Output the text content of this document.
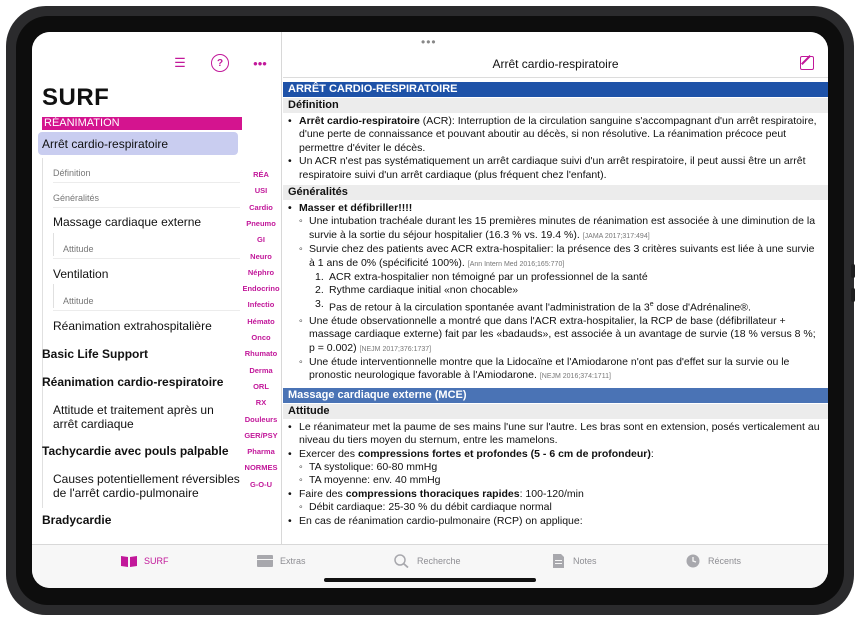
☰	?	•••
SURF
RÉANIMATION
Arrêt cardio-respiratoire
Définition
Généralités
Massage cardiaque externe
Attitude
Ventilation
Attitude
Réanimation extrahospitalière
Basic Life Support
Réanimation cardio-respiratoire
Attitude et traitement après un
arrêt cardiaque
Tachycardie avec pouls palpable
Causes potentiellement réversibles
de l'arrêt cardio-pulmonaire
Bradycardie
RÉA
USI
Cardio
Pneumo
GI
Neuro
Néphro
Endocrino
Infectio
Hémato
Onco
Rhumato
Derma
ORL
RX
Douleurs
GER/PSY
Pharma
NORMES
G-O-U
•••
Arrêt cardio-respiratoire
ARRÊT CARDIO-RESPIRATOIRE
Définition
• Arrêt cardio-respiratoire (ACR): Interruption de la circulation sanguine s'accompagnant d'un arrêt respiratoire, d'une perte de connaissance et pouvant aboutir au décès, si non résolutive. La réanimation précoce peut permettre d'éviter le décès.
• Un ACR n'est pas systématiquement un arrêt cardiaque suivi d'un arrêt respiratoire, il peut aussi être un arrêt respiratoire suivi d'un arrêt cardiaque (plus fréquent chez l'enfant).
Généralités
• Masser et défibriller!!!!
◦ Une intubation trachéale durant les 15 premières minutes de réanimation est associée à une diminution de la survie à la sortie du séjour hospitalier (16.3 % vs. 19.4 %). [JAMA 2017;317:494]
◦ Survie chez des patients avec ACR extra-hospitalier: la présence des 3 critères suivants est liée à une survie à 1 ans de 0% (spécificité 100%). [Ann Intern Med 2016;165:770]
1. ACR extra-hospitalier non témoigné par un professionnel de la santé
2. Rythme cardiaque initial «non chocable»
3. Pas de retour à la circulation spontanée avant l'administration de la 3e dose d'Adrénaline®.
◦ Une étude observationnelle a montré que dans l'ACR extra-hospitalier, la RCP de base (défibrillateur + massage cardiaque externe) fait par les «badauds», est associée à un avantage de survie (18 % versus 8 %; p = 0.002) [NEJM 2017;376:1737]
◦ Une étude interventionnelle montre que la Lidocaïne et l'Amiodarone n'ont pas d'effet sur la survie ou le pronostic neurologique favorable à l'Amiodarone. [NEJM 2016;374:1711]
Massage cardiaque externe (MCE)
Attitude
• Le réanimateur met la paume de ses mains l'une sur l'autre. Les bras sont en extension, posés verticalement au niveau du tiers moyen du sternum, entre les mamelons.
• Exercer des compressions fortes et profondes (5 - 6 cm de profondeur):
◦ TA systolique: 60-80 mmHg
◦ TA moyenne: env. 40 mmHg
• Faire des compressions thoraciques rapides: 100-120/min
◦ Débit cardiaque: 25-30 % du débit cardiaque normal
• En cas de réanimation cardio-pulmonaire (RCP) on applique:
SURF	Extras	Recherche	Notes	Récents
